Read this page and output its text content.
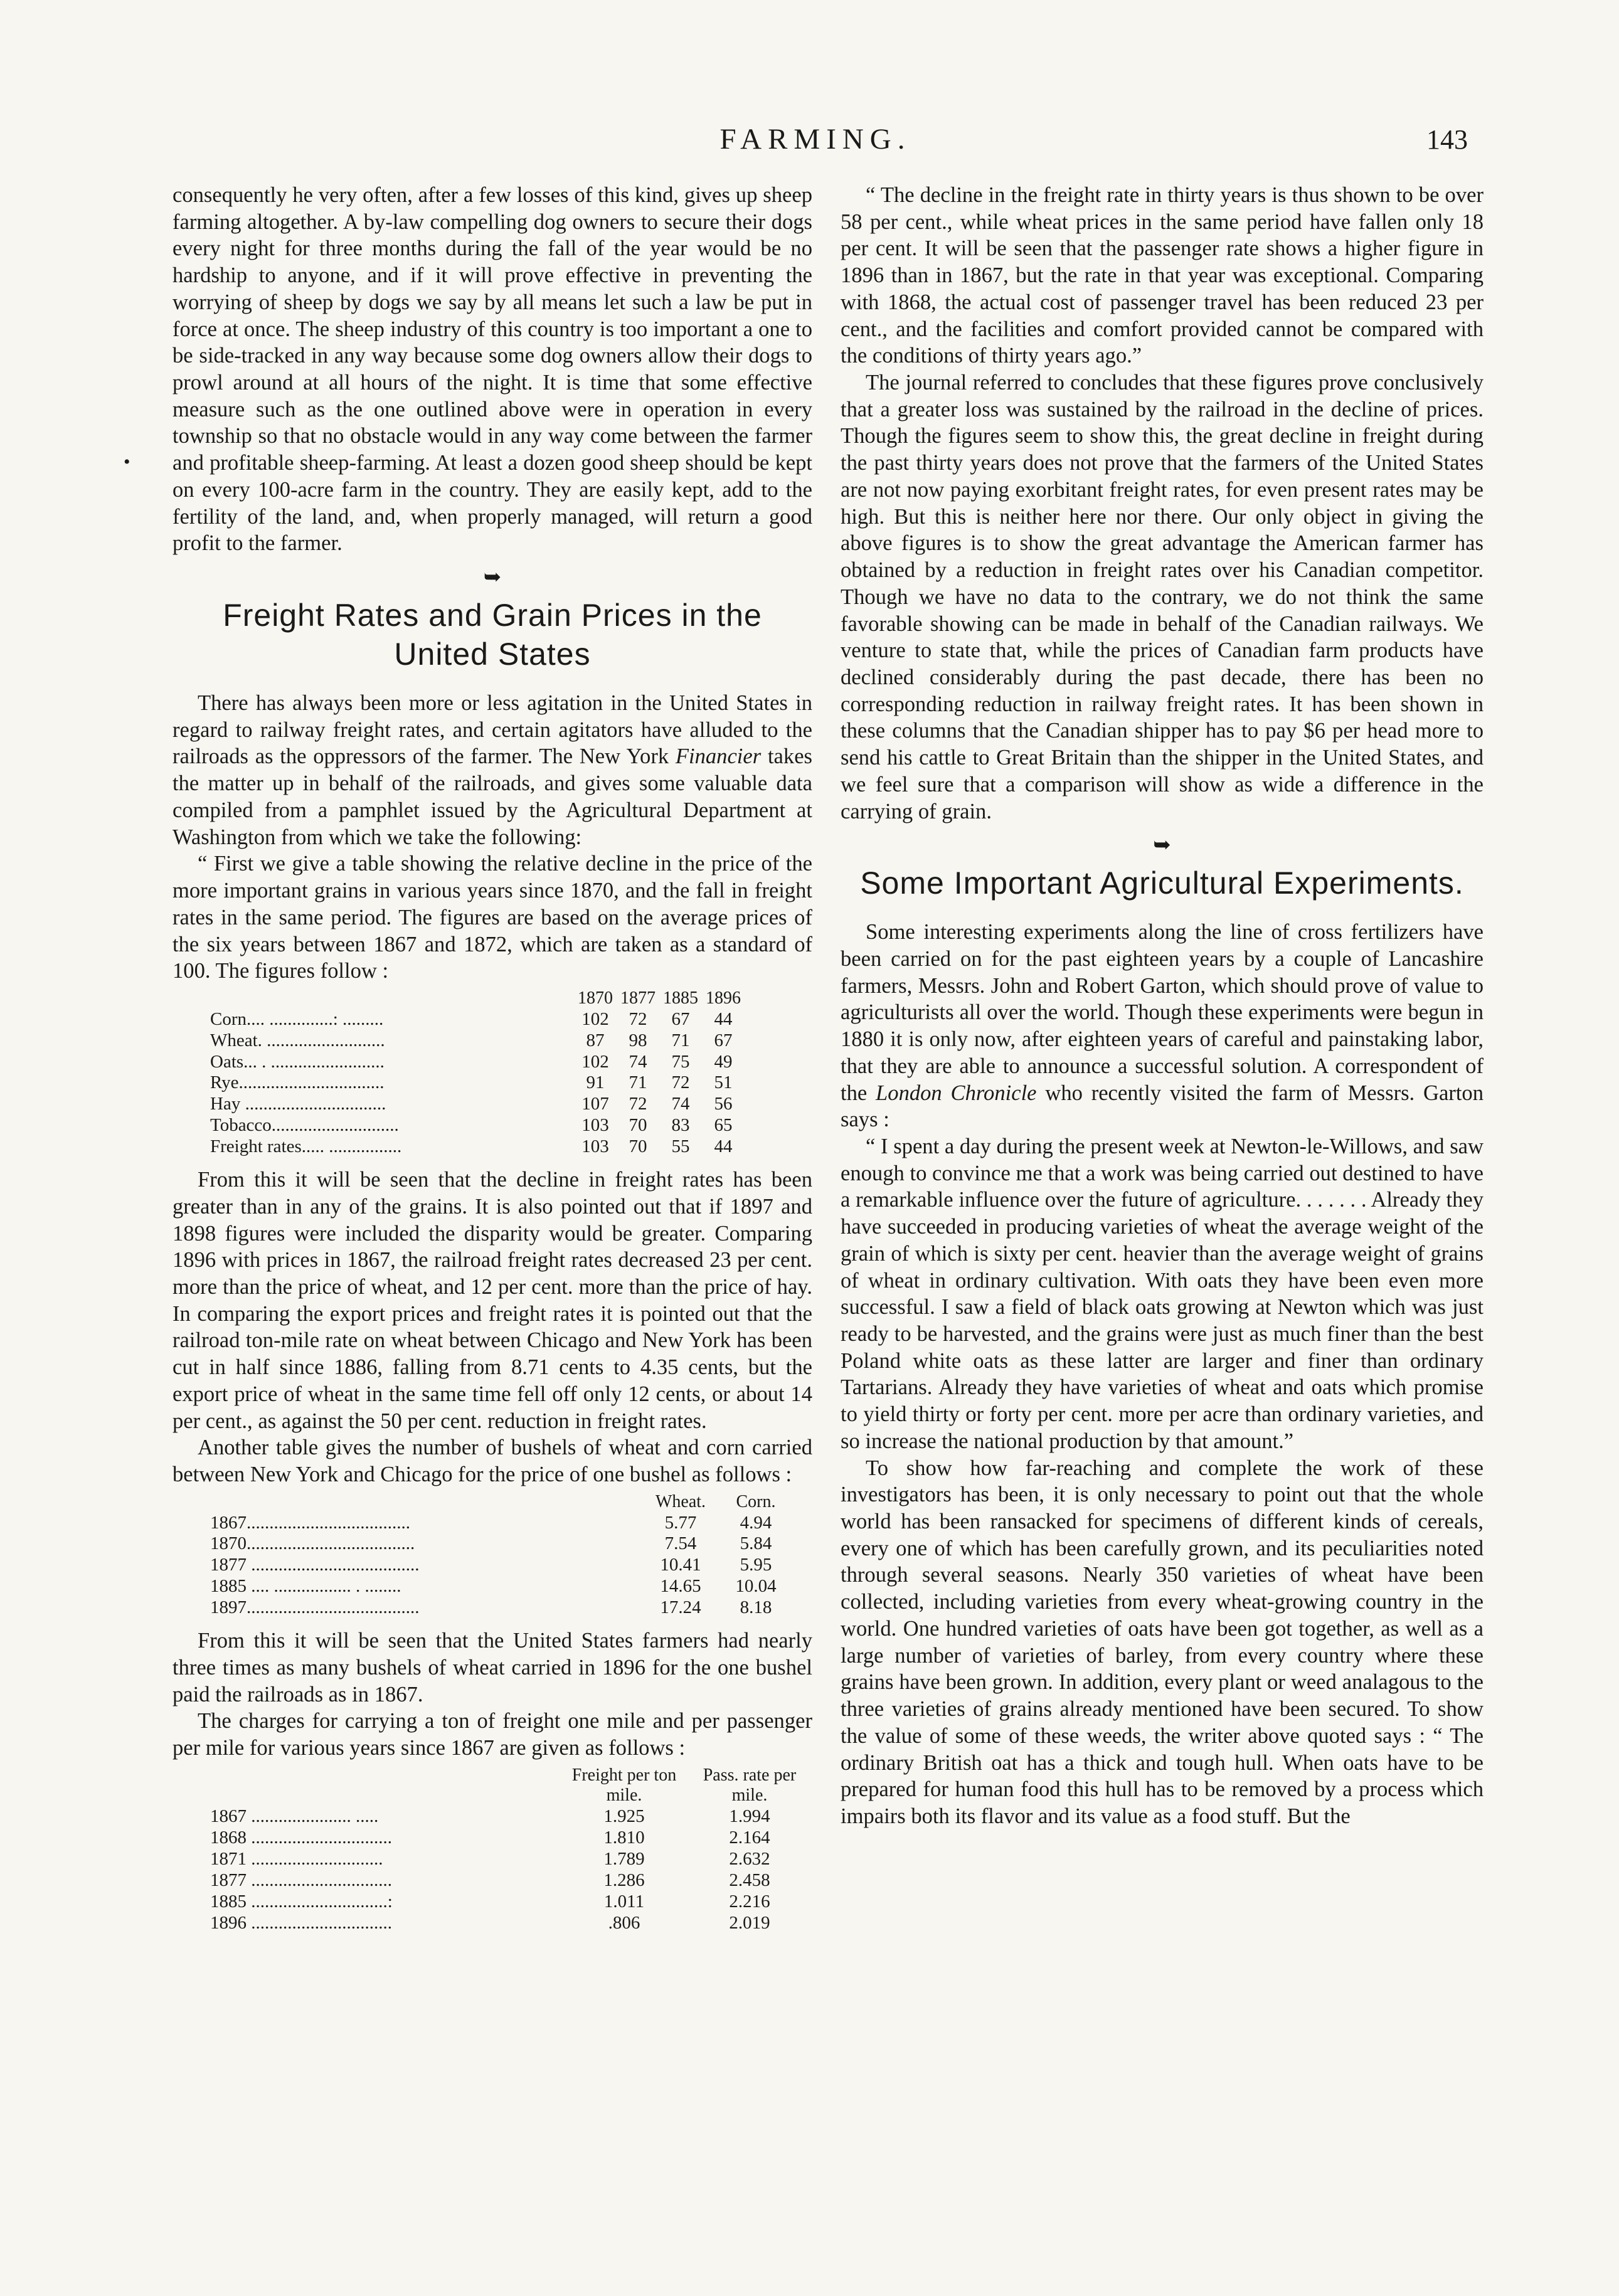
FARMING.	143
•

consequently he very often, after a few losses of this kind, gives up sheep farming altogether. A by-law compelling dog owners to secure their dogs every night for three months during the fall of the year would be no hardship to anyone, and if it will prove effective in preventing the worrying of sheep by dogs we say by all means let such a law be put in force at once. The sheep industry of this country is too important a one to be side-tracked in any way because some dog owners allow their dogs to prowl around at all hours of the night. It is time that some effective measure such as the one outlined above were in operation in every township so that no obstacle would in any way come between the farmer and profitable sheep-farming. At least a dozen good sheep should be kept on every 100-acre farm in the country. They are easily kept, add to the fertility of the land, and, when properly managed, will return a good profit to the farmer.

➥
Freight Rates and Grain Prices in the United States

There has always been more or less agitation in the United States in regard to railway freight rates, and certain agitators have alluded to the railroads as the oppressors of the farmer. The New York Financier takes the matter up in behalf of the railroads, and gives some valuable data compiled from a pamphlet issued by the Agricultural Department at Washington from which we take the following:

“ First we give a table showing the relative decline in the price of the more important grains in various years since 1870, and the fall in freight rates in the same period. The figures are based on the average prices of the six years between 1867 and 1872, which are taken as a standard of 100. The figures follow :

	1870	1877	1885	1896
Corn.... ..............: .........	102	72	67	44
Wheat. ..........................	87	98	71	67
Oats... . .........................	102	74	75	49
Rye................................	91	71	72	51
Hay ...............................	107	72	74	56
Tobacco............................	103	70	83	65
Freight rates..... ................	103	70	55	44

From this it will be seen that the decline in freight rates has been greater than in any of the grains. It is also pointed out that if 1897 and 1898 figures were included the disparity would be greater. Comparing 1896 with prices in 1867, the railroad freight rates decreased 23 per cent. more than the price of wheat, and 12 per cent. more than the price of hay. In comparing the export prices and freight rates it is pointed out that the railroad ton-mile rate on wheat between Chicago and New York has been cut in half since 1886, falling from 8.71 cents to 4.35 cents, but the export price of wheat in the same time fell off only 12 cents, or about 14 per cent., as against the 50 per cent. reduction in freight rates.

Another table gives the number of bushels of wheat and corn carried between New York and Chicago for the price of one bushel as follows :

	Wheat.	Corn.
1867....................................	5.77	4.94
1870.....................................	7.54	5.84
1877 .....................................	10.41	5.95
1885 .... ................. . ........	14.65	10.04
1897......................................	17.24	8.18

From this it will be seen that the United States farmers had nearly three times as many bushels of wheat carried in 1896 for the one bushel paid the railroads as in 1867.

The charges for carrying a ton of freight one mile and per passenger per mile for various years since 1867 are given as follows :

	Freight per ton mile.	Pass. rate per mile.
1867 ...................... .....	1.925	1.994
1868 ...............................	1.810	2.164
1871 .............................	1.789	2.632
1877 ...............................	1.286	2.458
1885 ..............................:	1.011	2.216
1896 ...............................	.806	2.019

“ The decline in the freight rate in thirty years is thus shown to be over 58 per cent., while wheat prices in the same period have fallen only 18 per cent. It will be seen that the passenger rate shows a higher figure in 1896 than in 1867, but the rate in that year was exceptional. Comparing with 1868, the actual cost of passenger travel has been reduced 23 per cent., and the facilities and comfort provided cannot be compared with the conditions of thirty years ago.”

The journal referred to concludes that these figures prove conclusively that a greater loss was sustained by the railroad in the decline of prices. Though the figures seem to show this, the great decline in freight during the past thirty years does not prove that the farmers of the United States are not now paying exorbitant freight rates, for even present rates may be high. But this is neither here nor there. Our only object in giving the above figures is to show the great advantage the American farmer has obtained by a reduction in freight rates over his Canadian competitor. Though we have no data to the contrary, we do not think the same favorable showing can be made in behalf of the Canadian railways. We venture to state that, while the prices of Canadian farm products have declined considerably during the past decade, there has been no corresponding reduction in railway freight rates. It has been shown in these columns that the Canadian shipper has to pay $6 per head more to send his cattle to Great Britain than the shipper in the United States, and we feel sure that a comparison will show as wide a difference in the carrying of grain.

➥
Some Important Agricultural Experiments.

Some interesting experiments along the line of cross fertilizers have been carried on for the past eighteen years by a couple of Lancashire farmers, Messrs. John and Robert Garton, which should prove of value to agriculturists all over the world. Though these experiments were begun in 1880 it is only now, after eighteen years of careful and painstaking labor, that they are able to announce a successful solution. A correspondent of the London Chronicle who recently visited the farm of Messrs. Garton says :

“ I spent a day during the present week at Newton-le-Willows, and saw enough to convince me that a work was being carried out destined to have a remarkable influence over the future of agriculture. . . . . . . Already they have succeeded in producing varieties of wheat the average weight of the grain of which is sixty per cent. heavier than the average weight of grains of wheat in ordinary cultivation. With oats they have been even more successful. I saw a field of black oats growing at Newton which was just ready to be harvested, and the grains were just as much finer than the best Poland white oats as these latter are larger and finer than ordinary Tartarians. Already they have varieties of wheat and oats which promise to yield thirty or forty per cent. more per acre than ordinary varieties, and so increase the national production by that amount.”

To show how far-reaching and complete the work of these investigators has been, it is only necessary to point out that the whole world has been ransacked for specimens of different kinds of cereals, every one of which has been carefully grown, and its peculiarities noted through several seasons. Nearly 350 varieties of wheat have been collected, including varieties from every wheat-growing country in the world. One hundred varieties of oats have been got together, as well as a large number of varieties of barley, from every country where these grains have been grown. In addition, every plant or weed analagous to the three varieties of grains already mentioned have been secured. To show the value of some of these weeds, the writer above quoted says : “ The ordinary British oat has a thick and tough hull. When oats have to be prepared for human food this hull has to be removed by a process which impairs both its flavor and its value as a food stuff. But the
